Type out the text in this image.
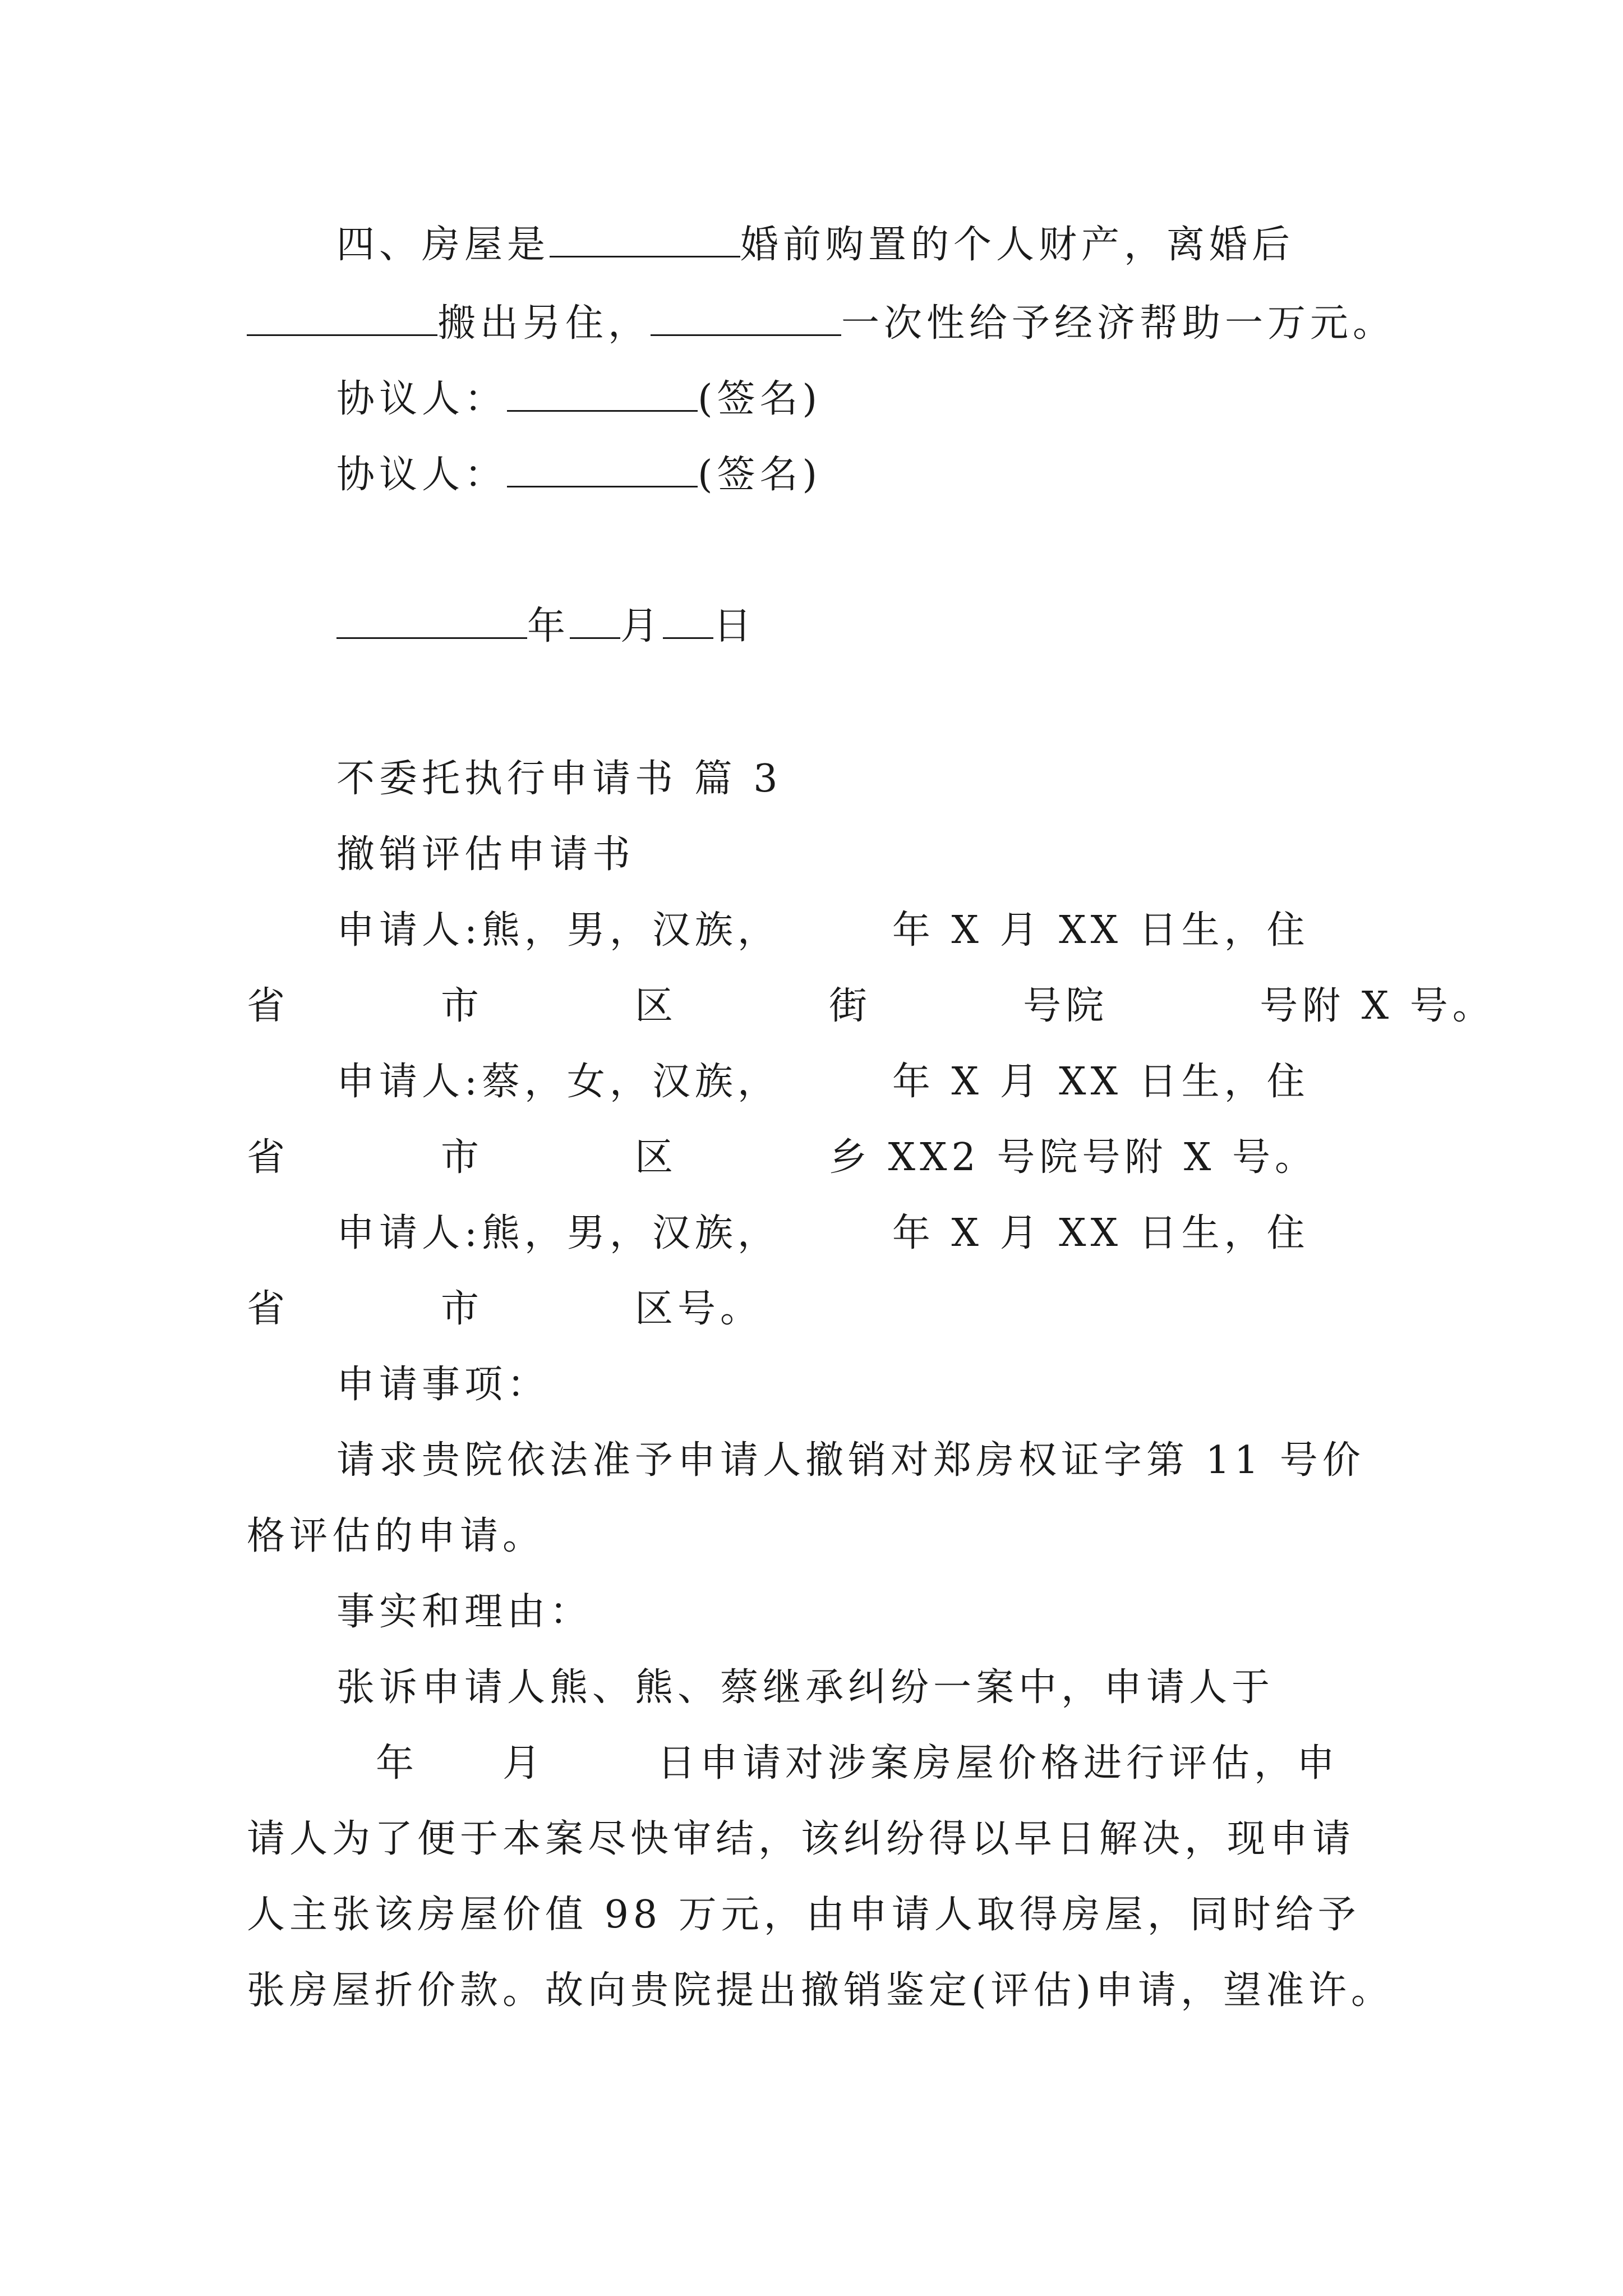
四、房屋是	婚前购置的个人财产，离婚后
搬出另住，	一次性给予经济帮助一万元。
协议人：	(签名)
协议人：	(签名)
年 月 日
不委托执行申请书 篇 3
撤销评估申请书
申请人:熊，男，汉族，	年 X 月 XX 日生，住
省	市	区	街	号院	号附 X 号。
申请人:蔡，女，汉族，	年 X 月 XX 日生，住
省	市	区	乡 XX2 号院号附 X 号。
申请人:熊，男，汉族，	年 X 月 XX 日生，住
省	市	区号。
申请事项：
请求贵院依法准予申请人撤销对郑房权证字第 11 号价
格评估的申请。
事实和理由：
张诉申请人熊、熊、蔡继承纠纷一案中，申请人于
年 月	日申请对涉案房屋价格进行评估，申
请人为了便于本案尽快审结，该纠纷得以早日解决，现申请
人主张该房屋价值 98 万元，由申请人取得房屋，同时给予
张房屋折价款。故向贵院提出撤销鉴定(评估)申请，望准许。
